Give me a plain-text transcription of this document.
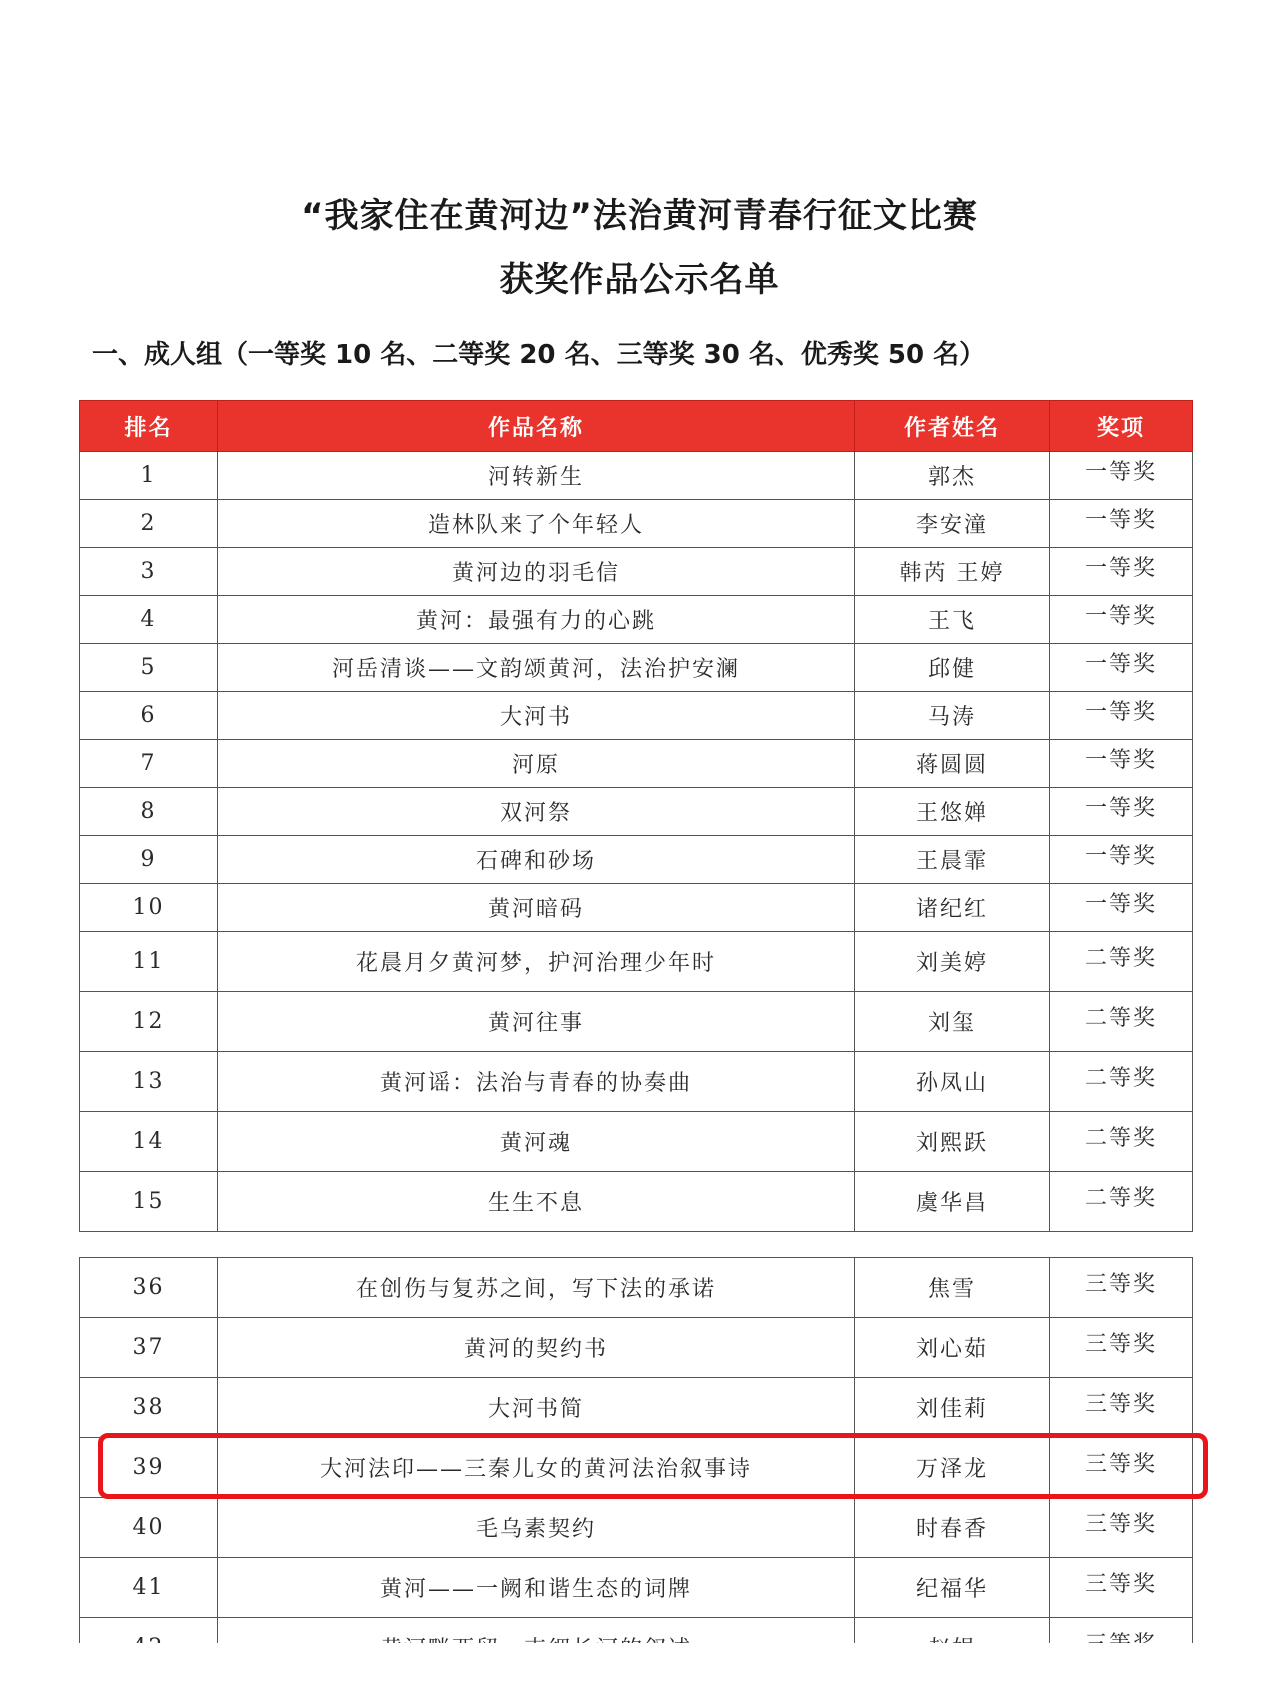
“我家住在黄河边”法治黄河青春行征文比赛
获奖作品公示名单
一、成人组（一等奖 10 名、二等奖 20 名、三等奖 30 名、优秀奖 50 名）
排名	作品名称	作者姓名	奖项
1	河转新生	郭杰	一等奖
2	造林队来了个年轻人	李安潼	一等奖
3	黄河边的羽毛信	韩芮 王婷	一等奖
4	黄河：最强有力的心跳	王飞	一等奖
5	河岳清谈——文韵颂黄河，法治护安澜	邱健	一等奖
6	大河书	马涛	一等奖
7	河原	蒋圆圆	一等奖
8	双河祭	王悠婵	一等奖
9	石碑和砂场	王晨霏	一等奖
10	黄河暗码	诸纪红	一等奖
11	花晨月夕黄河梦，护河治理少年时	刘美婷	二等奖
12	黄河往事	刘玺	二等奖
13	黄河谣：法治与青春的协奏曲	孙凤山	二等奖
14	黄河魂	刘熙跃	二等奖
15	生生不息	虞华昌	二等奖
36	在创伤与复苏之间，写下法的承诺	焦雪	三等奖
37	黄河的契约书	刘心茹	三等奖
38	大河书简	刘佳莉	三等奖
39	大河法印——三秦儿女的黄河法治叙事诗	万泽龙	三等奖
40	毛乌素契约	时春香	三等奖
41	黄河——一阙和谐生态的词牌	纪福华	三等奖
